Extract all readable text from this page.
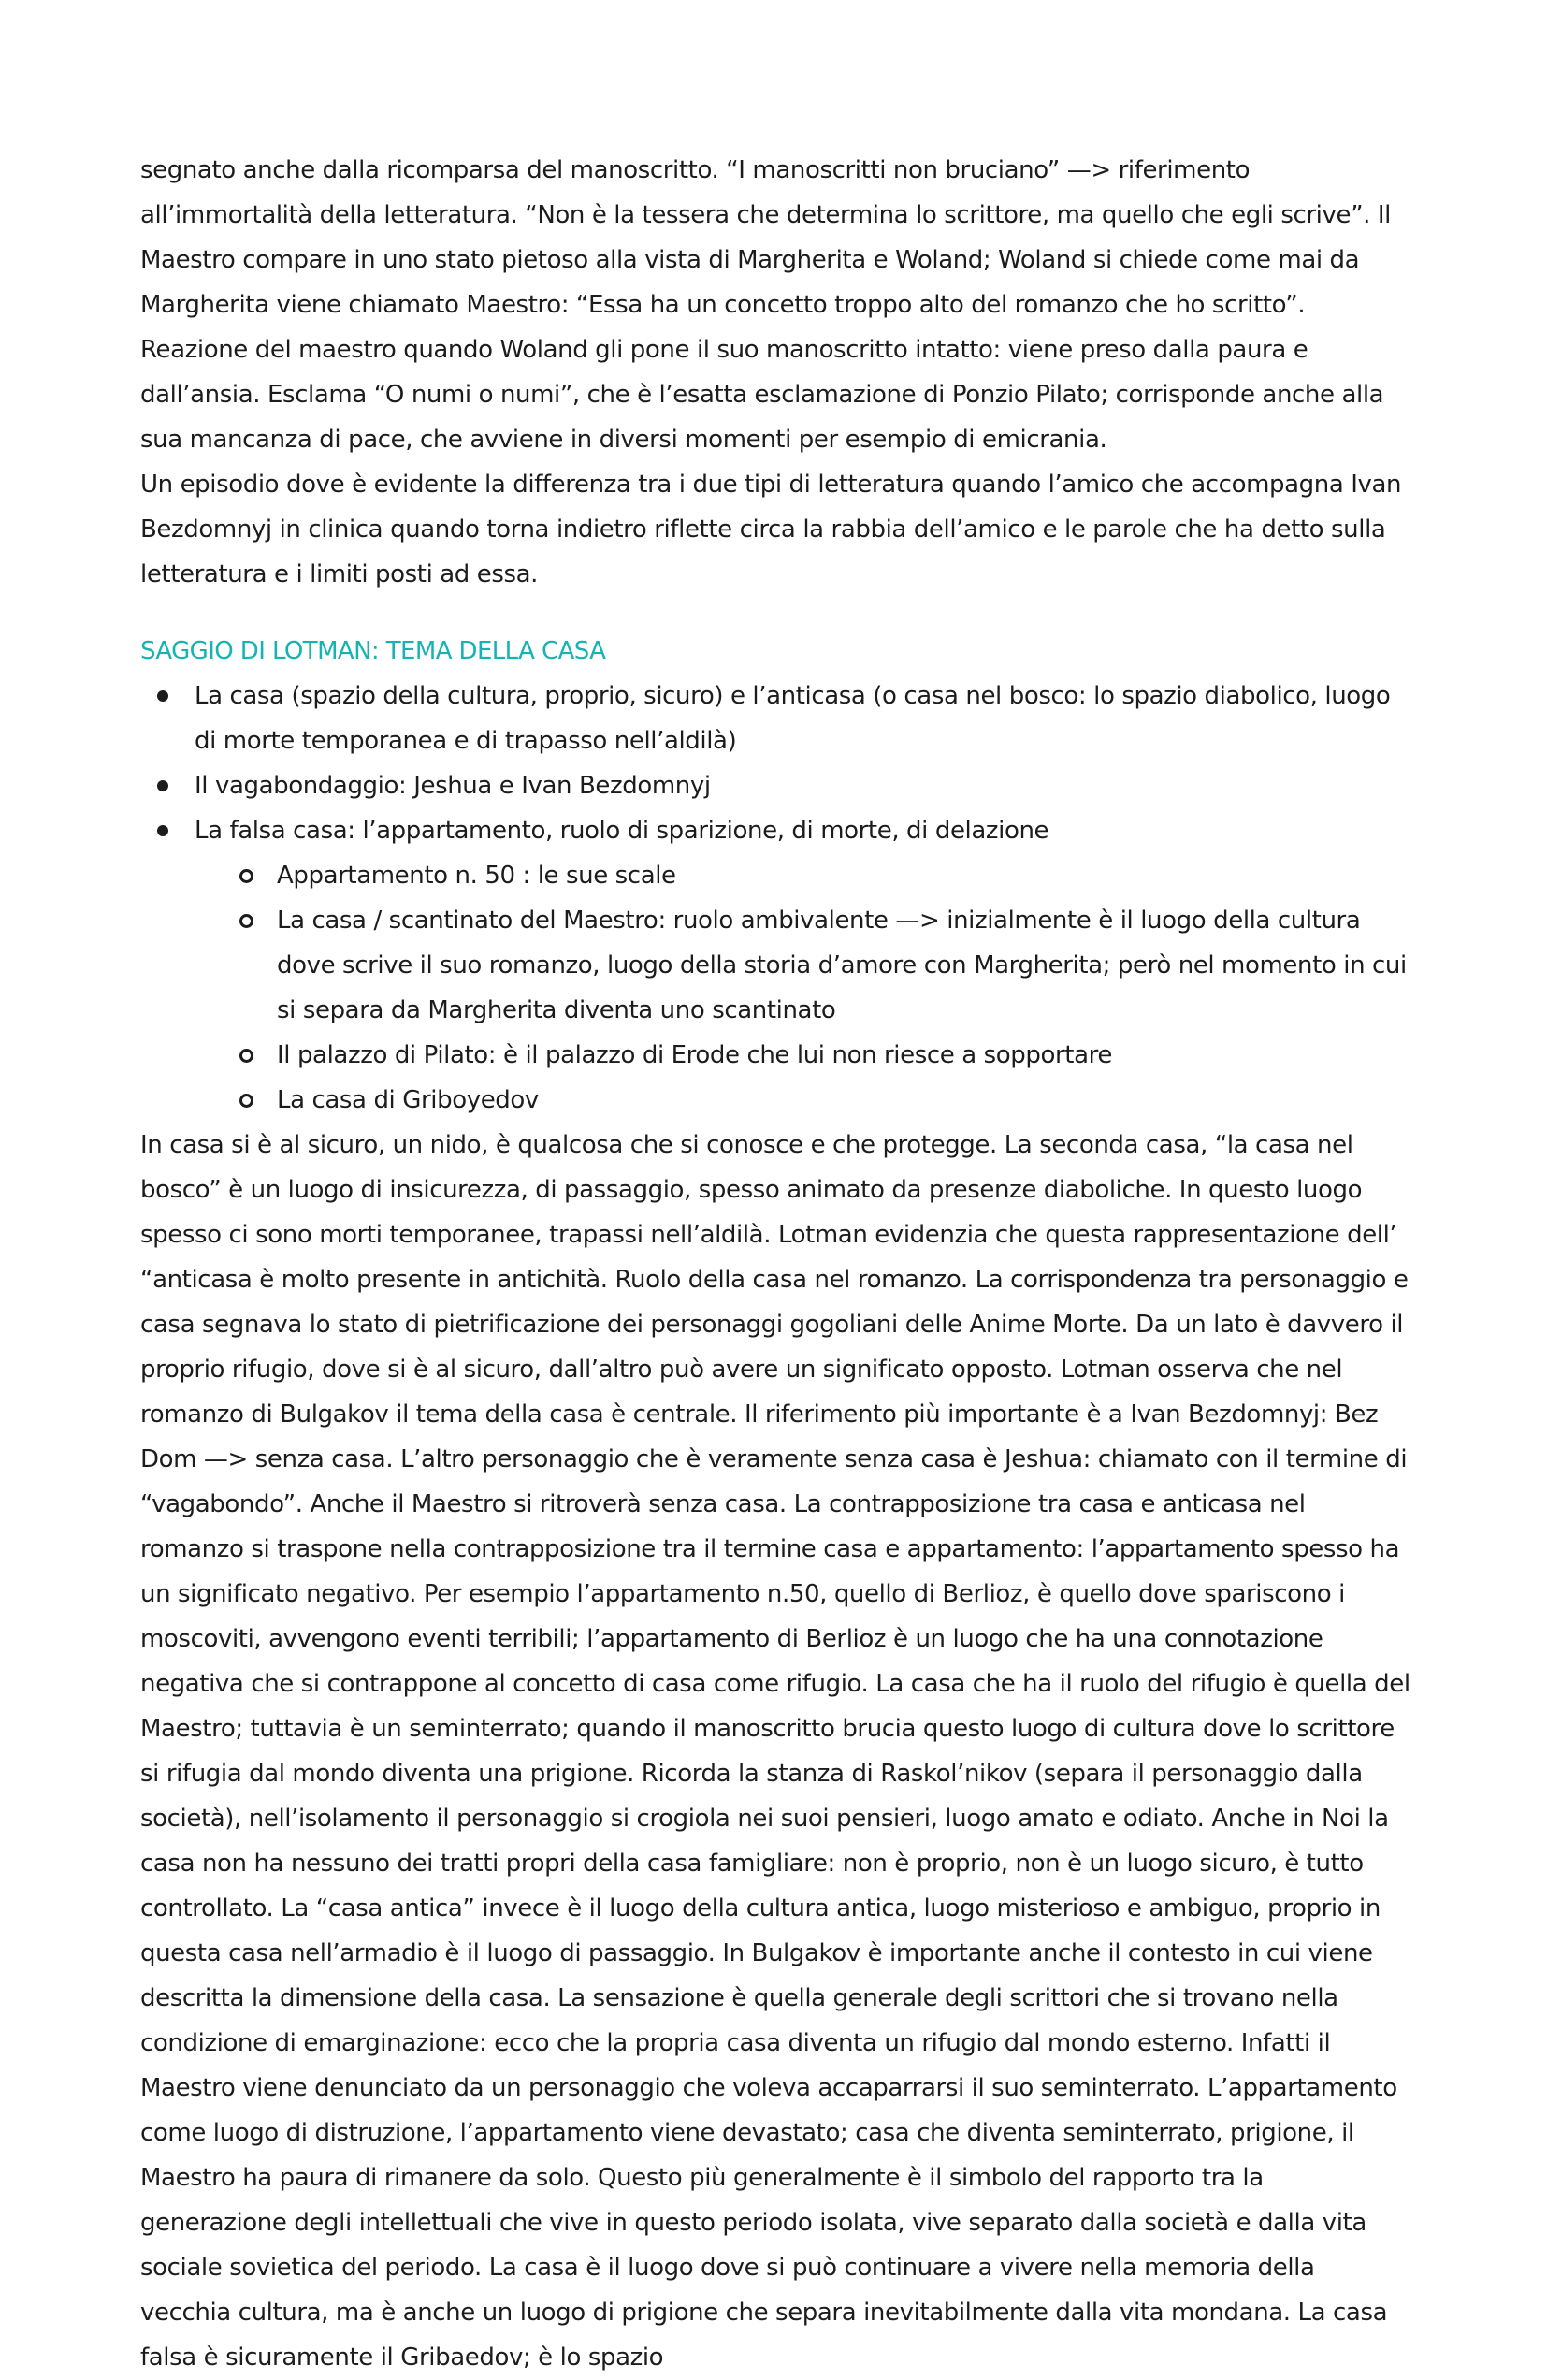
segnato anche dalla ricomparsa del manoscritto. “I manoscritti non bruciano” —> riferimento all’immortalità della letteratura. “Non è la tessera che determina lo scrittore, ma quello che egli scrive”. Il Maestro compare in uno stato pietoso alla vista di Margherita e Woland; Woland si chiede come mai da Margherita viene chiamato Maestro: “Essa ha un concetto troppo alto del romanzo che ho scritto”. Reazione del maestro quando Woland gli pone il suo manoscritto intatto: viene preso dalla paura e dall’ansia. Esclama “O numi o numi”, che è l’esatta esclamazione di Ponzio Pilato; corrisponde anche alla sua mancanza di pace, che avviene in diversi momenti per esempio di emicrania.

Un episodio dove è evidente la differenza tra i due tipi di letteratura quando l’amico che accompagna Ivan Bezdomnyj in clinica quando torna indietro riflette circa la rabbia dell’amico e le parole che ha detto sulla letteratura e i limiti posti ad essa.

SAGGIO DI LOTMAN: TEMA DELLA CASA

La casa (spazio della cultura, proprio, sicuro) e l’anticasa (o casa nel bosco: lo spazio diabolico, luogo di morte temporanea e di trapasso nell’aldilà)
Il vagabondaggio: Jeshua e Ivan Bezdomnyj
La falsa casa: l’appartamento, ruolo di sparizione, di morte, di delazione
Appartamento n. 50 : le sue scale
La casa / scantinato del Maestro: ruolo ambivalente —> inizialmente è il luogo della cultura dove scrive il suo romanzo, luogo della storia d’amore con Margherita; però nel momento in cui si separa da Margherita diventa uno scantinato
Il palazzo di Pilato: è il palazzo di Erode che lui non riesce a sopportare
La casa di Griboyedov

In casa si è al sicuro, un nido, è qualcosa che si conosce e che protegge. La seconda casa, “la casa nel bosco” è un luogo di insicurezza, di passaggio, spesso animato da presenze diaboliche. In questo luogo spesso ci sono morti temporanee, trapassi nell’aldilà. Lotman evidenzia che questa rappresentazione dell’ “anticasa è molto presente in antichità. Ruolo della casa nel romanzo. La corrispondenza tra personaggio e casa segnava lo stato di pietrificazione dei personaggi gogoliani delle Anime Morte. Da un lato è davvero il proprio rifugio, dove si è al sicuro, dall’altro può avere un significato opposto. Lotman osserva che nel romanzo di Bulgakov il tema della casa è centrale. Il riferimento più importante è a Ivan Bezdomnyj: Bez Dom —> senza casa. L’altro personaggio che è veramente senza casa è Jeshua: chiamato con il termine di “vagabondo”. Anche il Maestro si ritroverà senza casa. La contrapposizione tra casa e anticasa nel romanzo si traspone nella contrapposizione tra il termine casa e appartamento: l’appartamento spesso ha un significato negativo. Per esempio l’appartamento n.50, quello di Berlioz, è quello dove spariscono i moscoviti, avvengono eventi terribili; l’appartamento di Berlioz è un luogo che ha una connotazione negativa che si contrappone al concetto di casa come rifugio. La casa che ha il ruolo del rifugio è quella del Maestro; tuttavia è un seminterrato; quando il manoscritto brucia questo luogo di cultura dove lo scrittore si rifugia dal mondo diventa una prigione. Ricorda la stanza di Raskol’nikov (separa il personaggio dalla società), nell’isolamento il personaggio si crogiola nei suoi pensieri, luogo amato e odiato. Anche in Noi la casa non ha nessuno dei tratti propri della casa famigliare: non è proprio, non è un luogo sicuro, è tutto controllato. La “casa antica” invece è il luogo della cultura antica, luogo misterioso e ambiguo, proprio in questa casa nell’armadio è il luogo di passaggio. In Bulgakov è importante anche il contesto in cui viene descritta la dimensione della casa. La sensazione è quella generale degli scrittori che si trovano nella condizione di emarginazione: ecco che la propria casa diventa un rifugio dal mondo esterno. Infatti il Maestro viene denunciato da un personaggio che voleva accaparrarsi il suo seminterrato. L’appartamento come luogo di distruzione, l’appartamento viene devastato; casa che diventa seminterrato, prigione, il Maestro ha paura di rimanere da solo. Questo più generalmente è il simbolo del rapporto tra la generazione degli intellettuali che vive in questo periodo isolata, vive separato dalla società e dalla vita sociale sovietica del periodo. La casa è il luogo dove si può continuare a vivere nella memoria della vecchia cultura, ma è anche un luogo di prigione che separa inevitabilmente dalla vita mondana. La casa falsa è sicuramente il Gribaedov; è lo spazio
